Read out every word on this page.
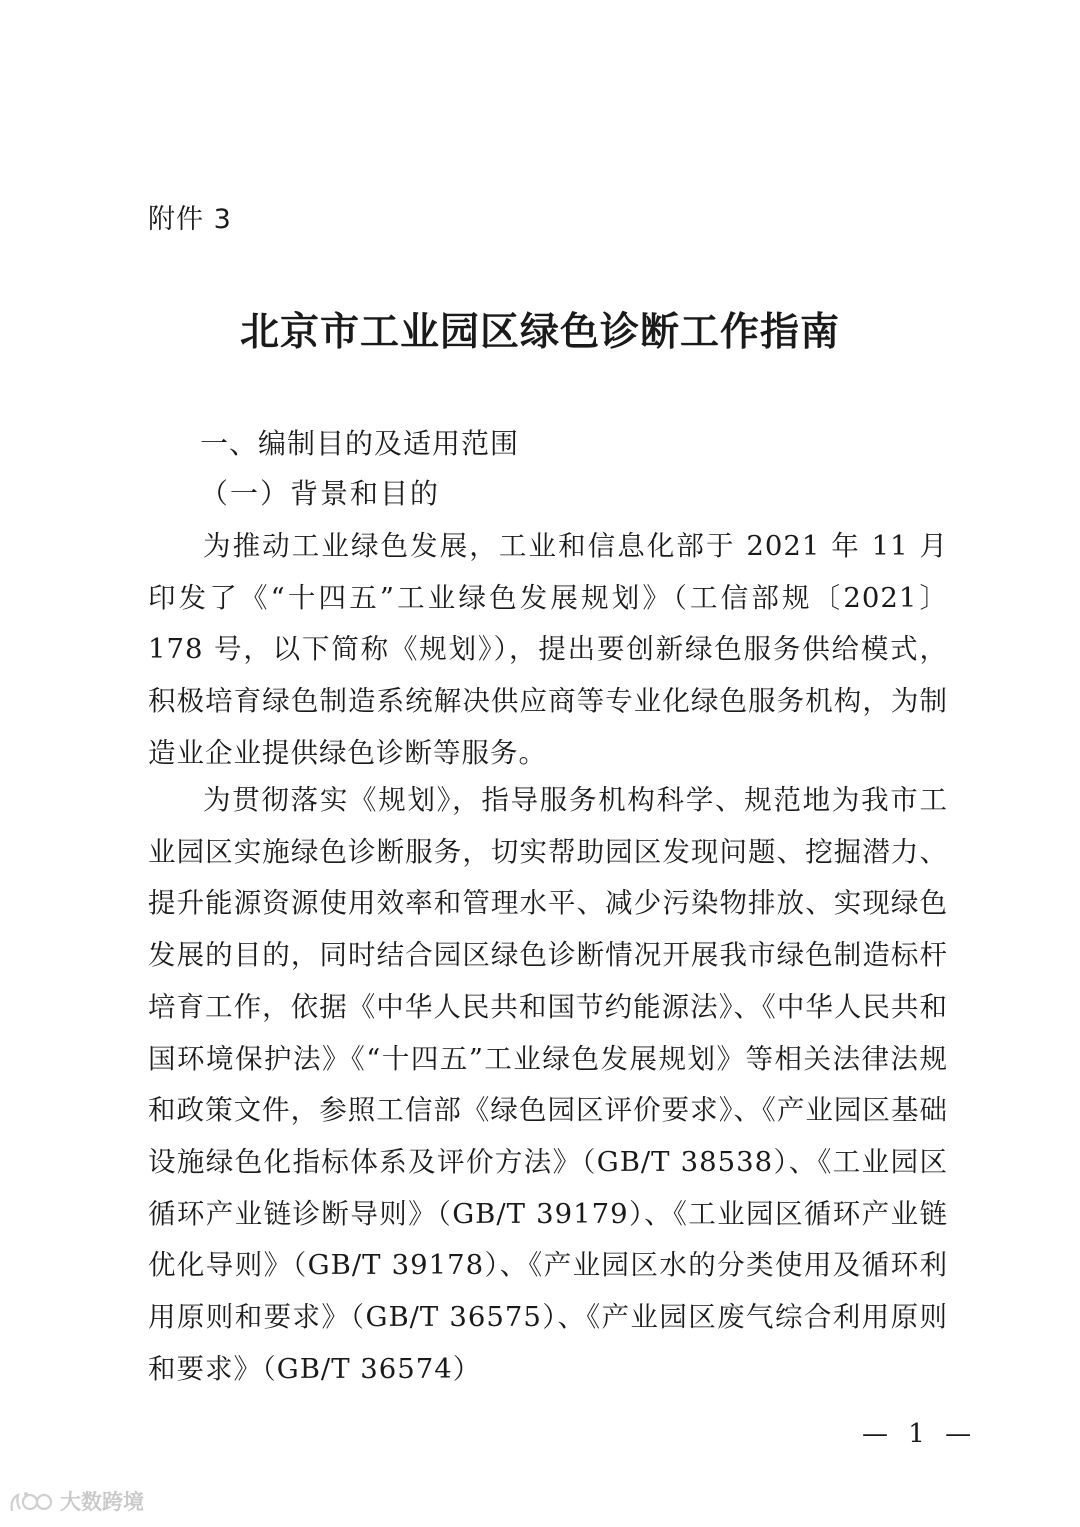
附件 3
北京市工业园区绿色诊断工作指南
一、编制目的及适用范围
（一）背景和目的

为推动工业绿色发展，工业和信息化部于 2021 年 11 月印发了《“十四五”工业绿色发展规划》（工信部规〔2021〕178 号，以下简称《规划》），提出要创新绿色服务供给模式，积极培育绿色制造系统解决供应商等专业化绿色服务机构，为制造业企业提供绿色诊断等服务。

为贯彻落实《规划》，指导服务机构科学、规范地为我市工业园区实施绿色诊断服务，切实帮助园区发现问题、挖掘潜力、提升能源资源使用效率和管理水平、减少污染物排放、实现绿色发展的目的，同时结合园区绿色诊断情况开展我市绿色制造标杆培育工作，依据《中华人民共和国节约能源法》、《中华人民共和国环境保护法》《“十四五”工业绿色发展规划》等相关法律法规和政策文件，参照工信部《绿色园区评价要求》、《产业园区基础设施绿色化指标体系及评价方法》（GB/T 38538）、《工业园区循环产业链诊断导则》（GB/T 39179）、《工业园区循环产业链优化导则》（GB/T 39178）、《产业园区水的分类使用及循环利用原则和要求》（GB/T 36575）、《产业园区废气综合利用原则和要求》（GB/T 36574）

— 1 —
大数跨境
